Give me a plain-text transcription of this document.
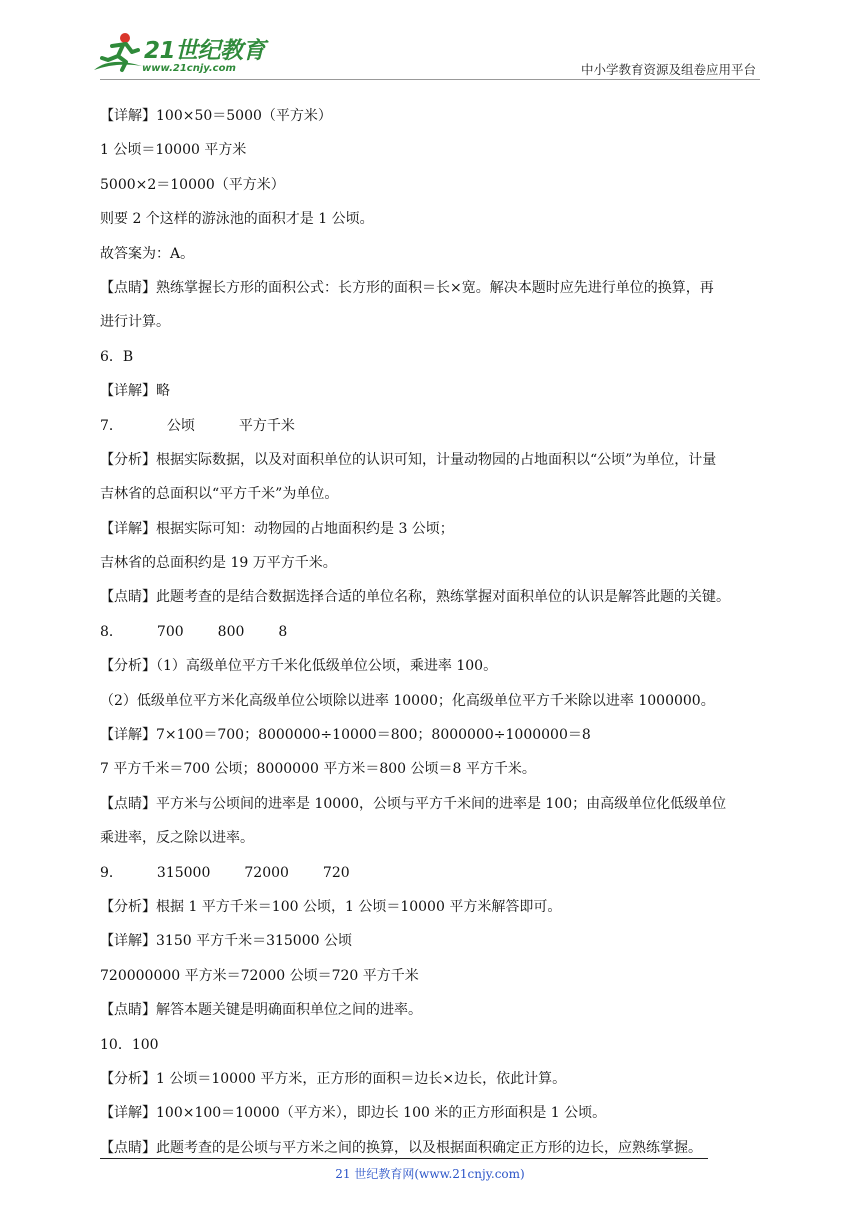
21世纪教育
www.21cnjy.com	中小学教育资源及组卷应用平台
【详解】100×50＝5000（平方米）
1 公顷＝10000 平方米
5000×2＝10000（平方米）
则要 2 个这样的游泳池的面积才是 1 公顷。
故答案为：A。
【点睛】熟练掌握长方形的面积公式：长方形的面积＝长×宽。解决本题时应先进行单位的换算，再
进行计算。
6．B
【详解】略
7．	公顷	平方千米
【分析】根据实际数据，以及对面积单位的认识可知，计量动物园的占地面积以“公顷”为单位，计量
吉林省的总面积以“平方千米”为单位。
【详解】根据实际可知：动物园的占地面积约是 3 公顷；
吉林省的总面积约是 19 万平方千米。
【点睛】此题考查的是结合数据选择合适的单位名称，熟练掌握对面积单位的认识是解答此题的关键。
8． 700 800 8
【分析】（1）高级单位平方千米化低级单位公顷，乘进率 100。
（2）低级单位平方米化高级单位公顷除以进率 10000；化高级单位平方千米除以进率 1000000。
【详解】7×100＝700；8000000÷10000＝800；8000000÷1000000＝8
7 平方千米＝700 公顷；8000000 平方米＝800 公顷＝8 平方千米。
【点睛】平方米与公顷间的进率是 10000，公顷与平方千米间的进率是 100；由高级单位化低级单位
乘进率，反之除以进率。
9． 315000 72000 720
【分析】根据 1 平方千米＝100 公顷，1 公顷＝10000 平方米解答即可。
【详解】3150 平方千米＝315000 公顷
720000000 平方米＝72000 公顷＝720 平方千米
【点睛】解答本题关键是明确面积单位之间的进率。
10．100
【分析】1 公顷＝10000 平方米，正方形的面积＝边长×边长，依此计算。
【详解】100×100＝10000（平方米），即边长 100 米的正方形面积是 1 公顷。
【点睛】此题考查的是公顷与平方米之间的换算，以及根据面积确定正方形的边长，应熟练掌握。
21 世纪教育网(www.21cnjy.com)
